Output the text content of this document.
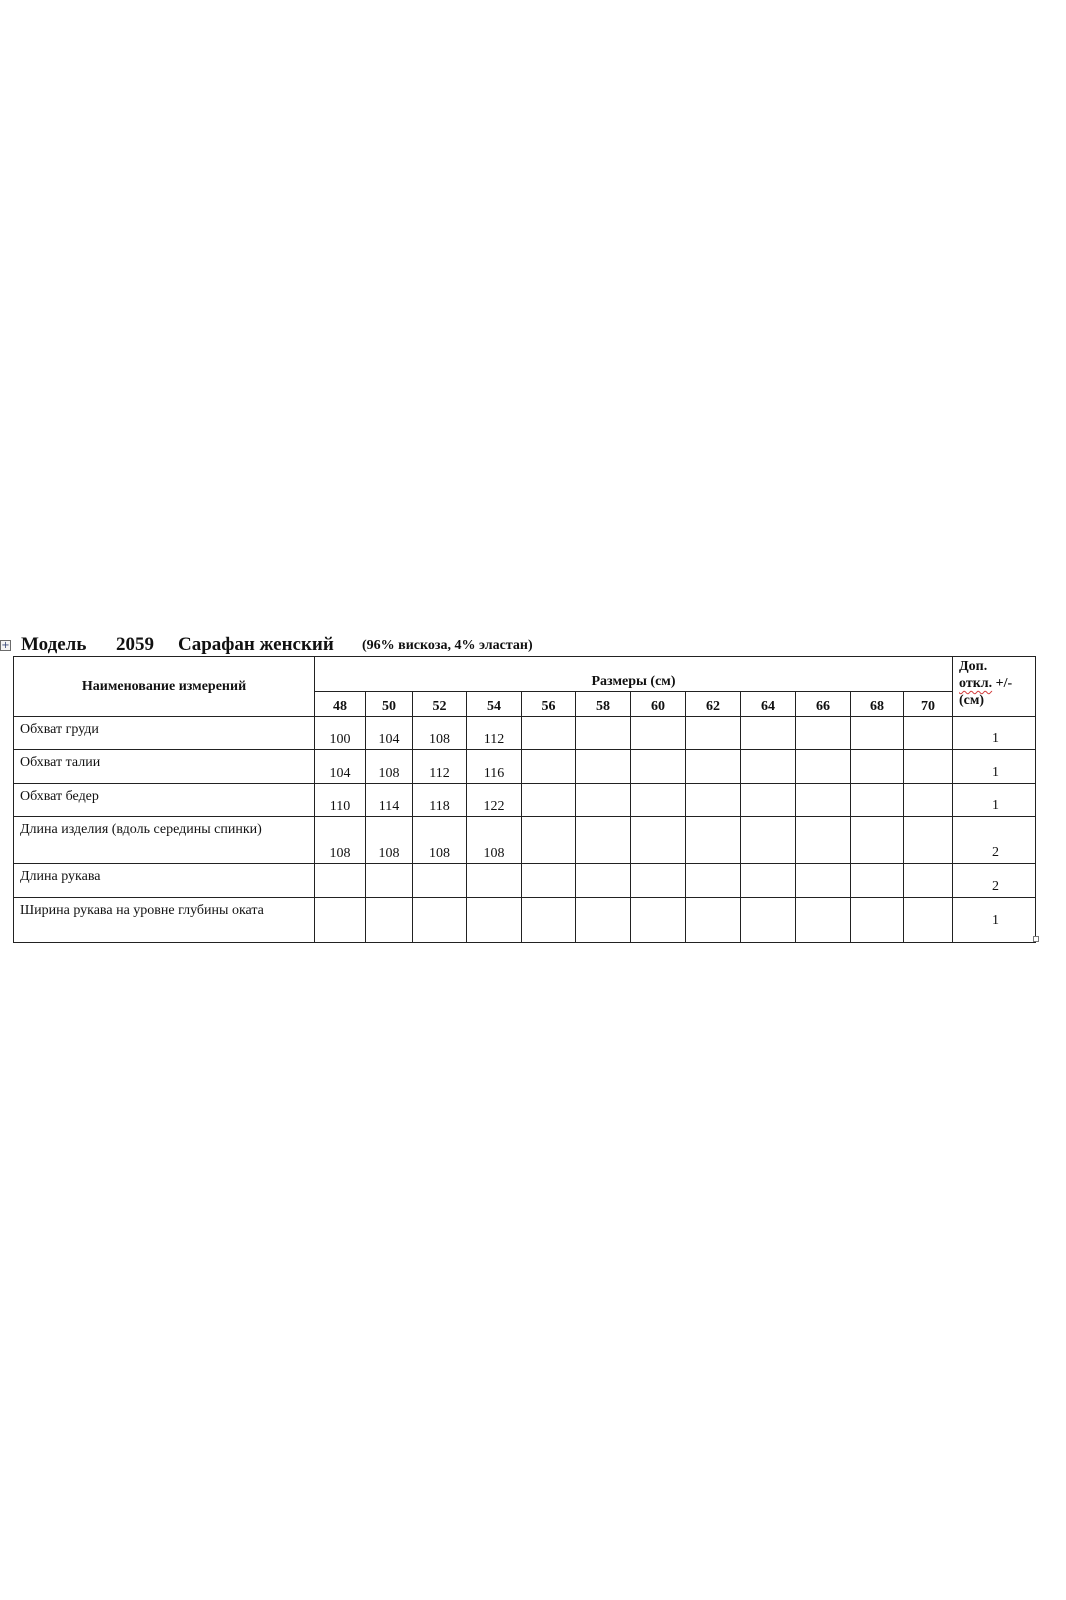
+ Модель 2059 Сарафан женский (96% вискоза, 4% эластан)
Наименование измерений	Размеры (см)												Доп.
откл. +/-
(см)

	48	50	52	54	56	58	60	62	64	66	68	70	
Обхват груди	100	104	108	112									1
Обхват талии	104	108	112	116									1
Обхват бедер	110	114	118	122									1
Длина изделия (вдоль середины спинки)	108	108	108	108									2
Длина рукава													2
Ширина рукава на уровне глубины оката													1
